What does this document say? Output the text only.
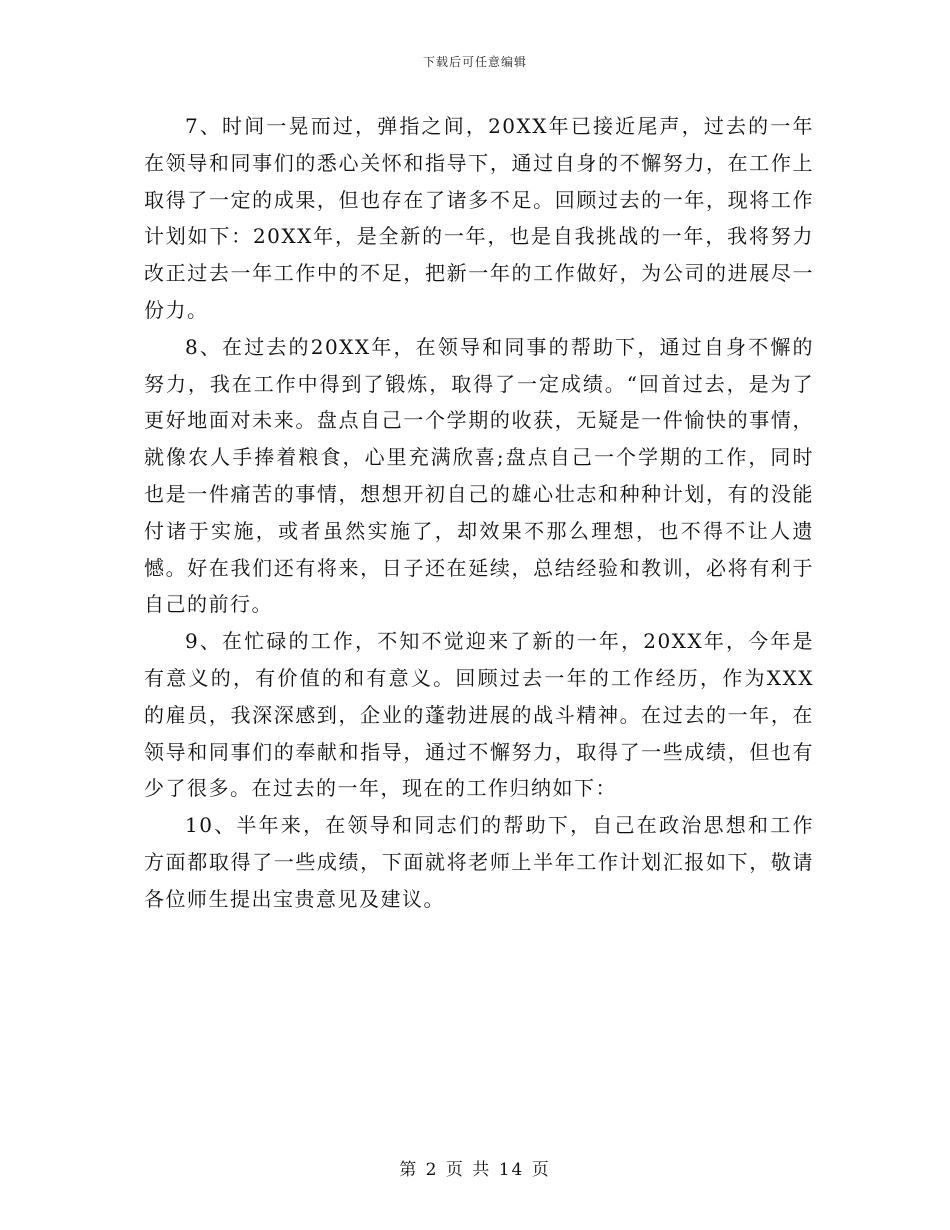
下载后可任意编辑

7、时间一晃而过，弹指之间，20XX年已接近尾声，过去的一年在领导和同事们的悉心关怀和指导下，通过自身的不懈努力，在工作上取得了一定的成果，但也存在了诸多不足。回顾过去的一年，现将工作计划如下：20XX年，是全新的一年，也是自我挑战的一年，我将努力改正过去一年工作中的不足，把新一年的工作做好，为公司的进展尽一份力。

8、在过去的20XX年，在领导和同事的帮助下，通过自身不懈的努力，我在工作中得到了锻炼，取得了一定成绩。“回首过去，是为了更好地面对未来。盘点自己一个学期的收获，无疑是一件愉快的事情，就像农人手捧着粮食，心里充满欣喜;盘点自己一个学期的工作，同时也是一件痛苦的事情，想想开初自己的雄心壮志和种种计划，有的没能付诸于实施，或者虽然实施了，却效果不那么理想，也不得不让人遗憾。好在我们还有将来，日子还在延续，总结经验和教训，必将有利于自己的前行。

9、在忙碌的工作，不知不觉迎来了新的一年，20XX年，今年是有意义的，有价值的和有意义。回顾过去一年的工作经历，作为XXX的雇员，我深深感到，企业的蓬勃进展的战斗精神。在过去的一年，在领导和同事们的奉献和指导，通过不懈努力，取得了一些成绩，但也有少了很多。在过去的一年，现在的工作归纳如下：

10、半年来，在领导和同志们的帮助下，自己在政治思想和工作方面都取得了一些成绩，下面就将老师上半年工作计划汇报如下，敬请各位师生提出宝贵意见及建议。

第 2 页 共 14 页
